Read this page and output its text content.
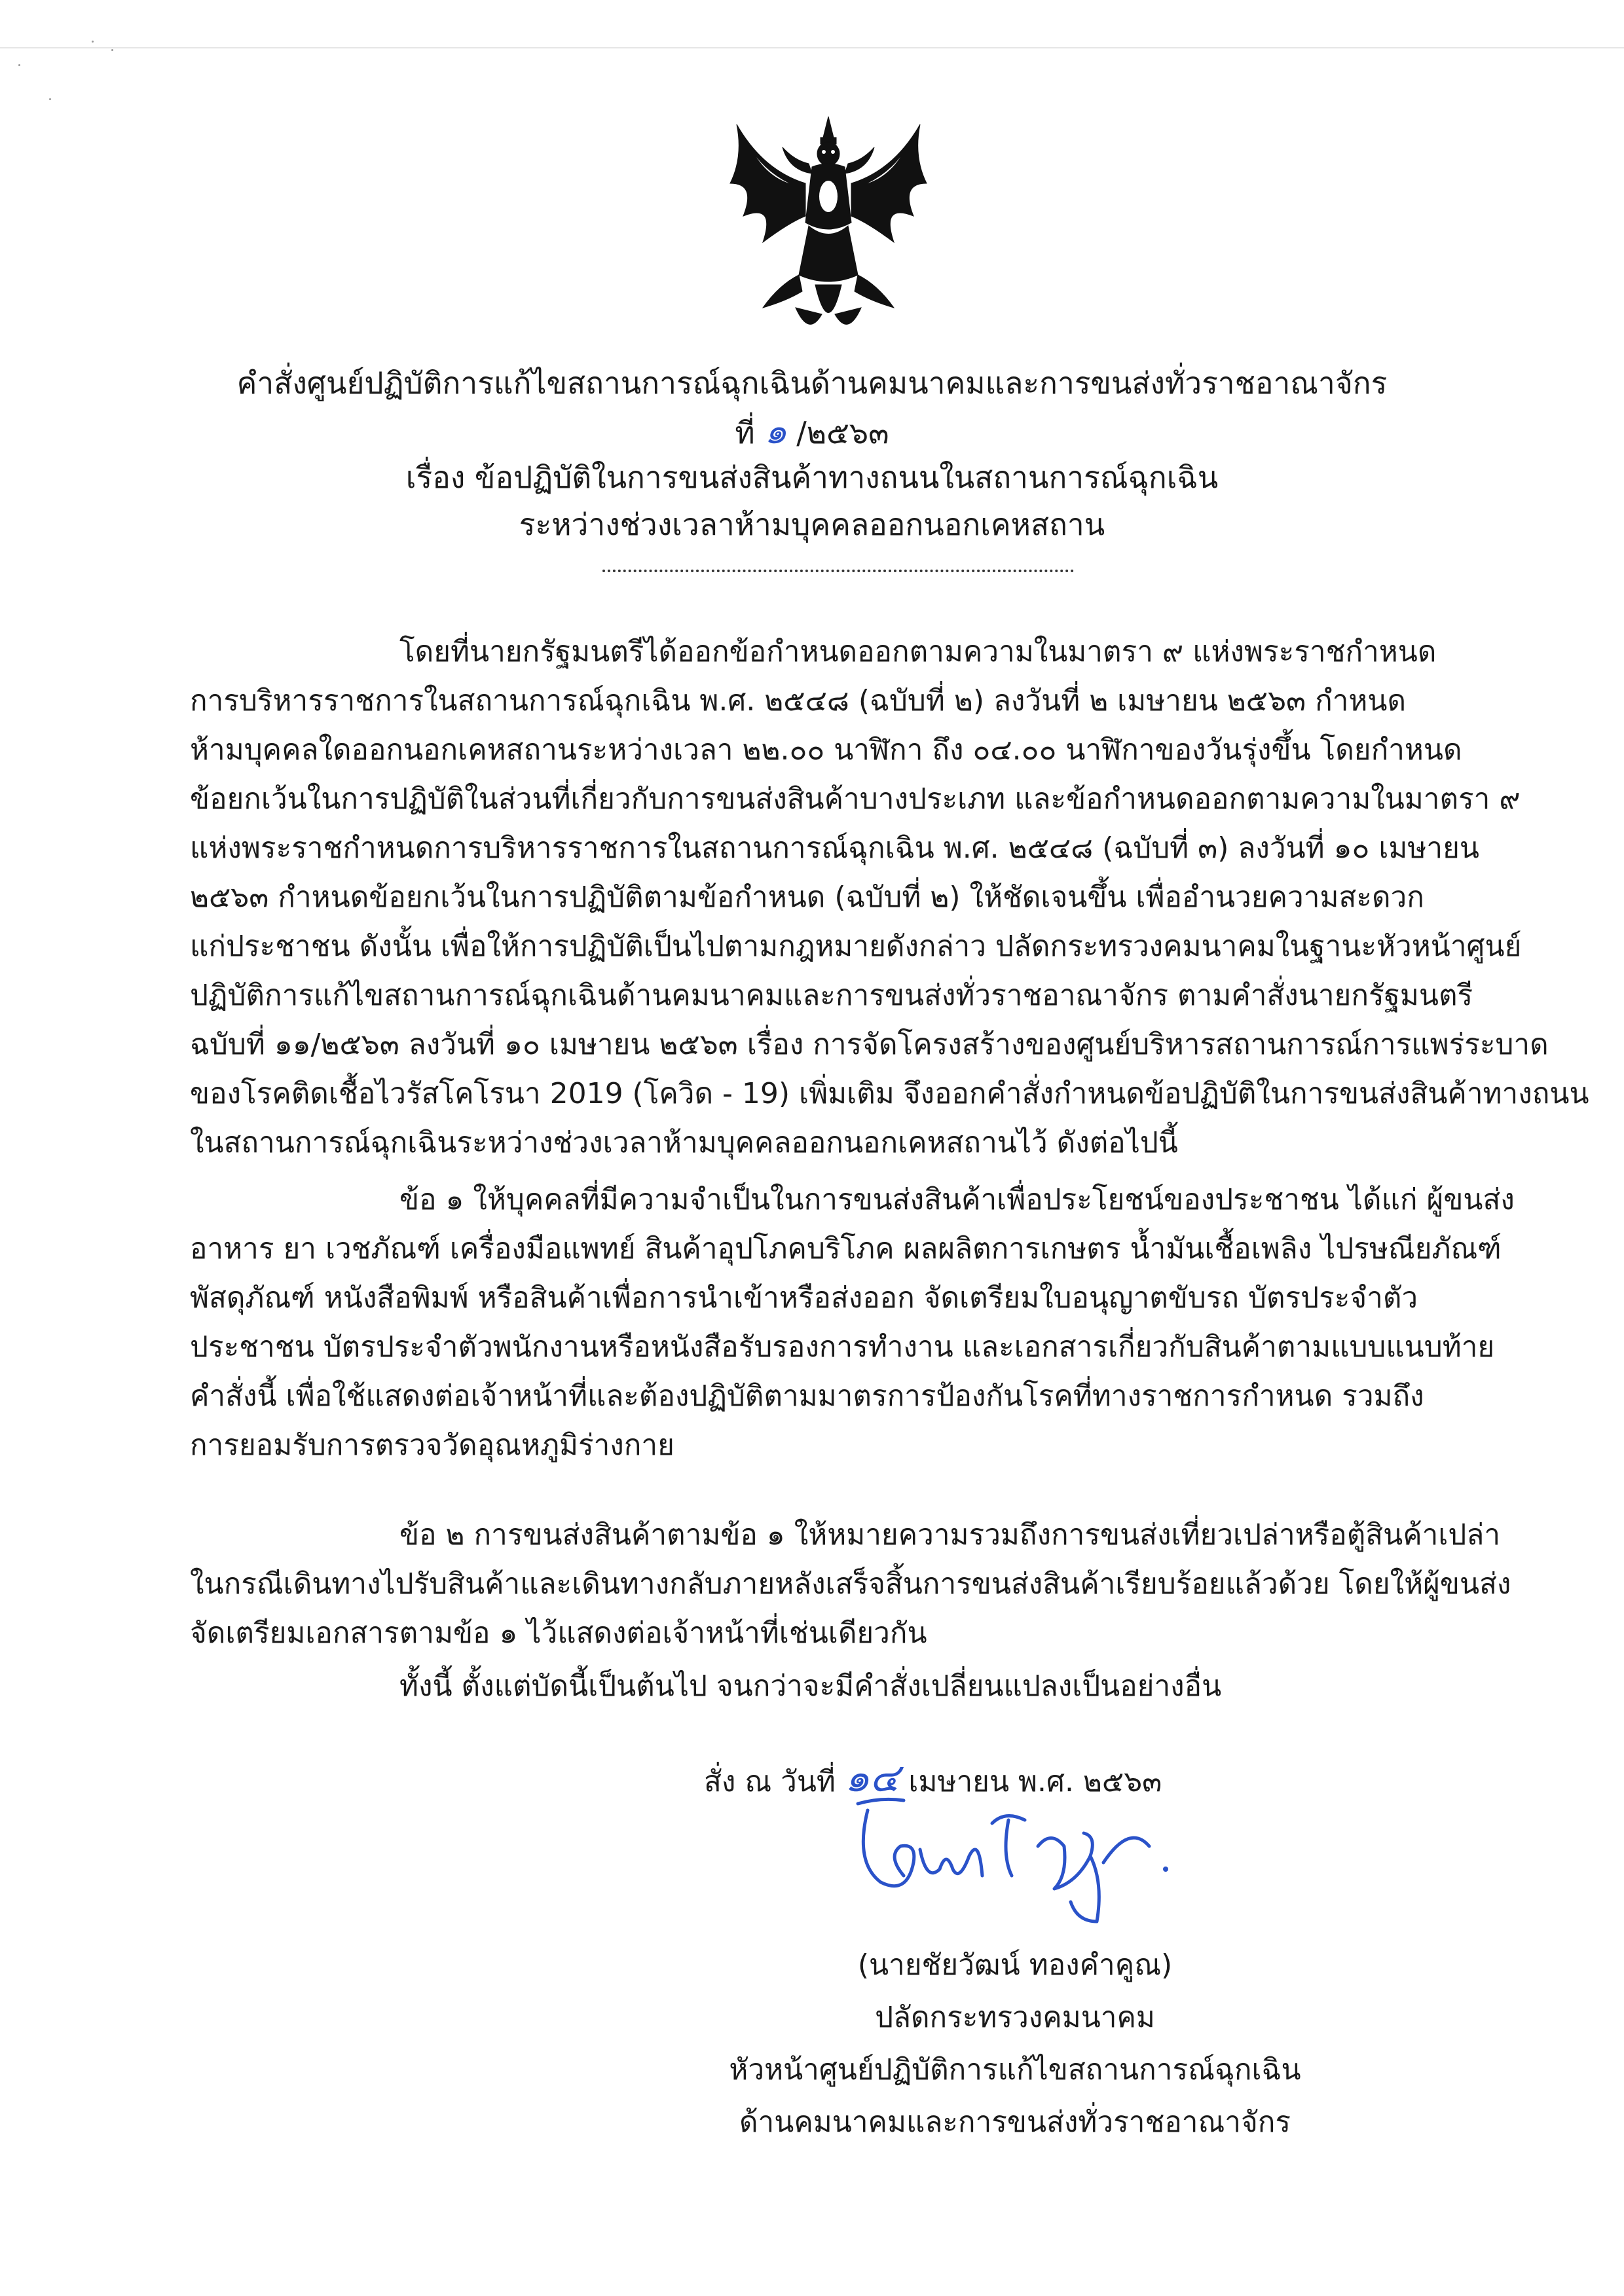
คำสั่งศูนย์ปฏิบัติการแก้ไขสถานการณ์ฉุกเฉินด้านคมนาคมและการขนส่งทั่วราชอาณาจักร
ที่ ๑ /๒๕๖๓
เรื่อง ข้อปฏิบัติในการขนส่งสินค้าทางถนนในสถานการณ์ฉุกเฉิน
ระหว่างช่วงเวลาห้ามบุคคลออกนอกเคหสถาน
โดยที่นายกรัฐมนตรีได้ออกข้อกำหนดออกตามความในมาตรา ๙ แห่งพระราชกำหนด
การบริหารราชการในสถานการณ์ฉุกเฉิน พ.ศ. ๒๕๔๘ (ฉบับที่ ๒) ลงวันที่ ๒ เมษายน ๒๕๖๓ กำหนด
ห้ามบุคคลใดออกนอกเคหสถานระหว่างเวลา ๒๒.๐๐ นาฬิกา ถึง ๐๔.๐๐ นาฬิกาของวันรุ่งขึ้น โดยกำหนด
ข้อยกเว้นในการปฏิบัติในส่วนที่เกี่ยวกับการขนส่งสินค้าบางประเภท และข้อกำหนดออกตามความในมาตรา ๙
แห่งพระราชกำหนดการบริหารราชการในสถานการณ์ฉุกเฉิน พ.ศ. ๒๕๔๘ (ฉบับที่ ๓) ลงวันที่ ๑๐ เมษายน
๒๕๖๓ กำหนดข้อยกเว้นในการปฏิบัติตามข้อกำหนด (ฉบับที่ ๒) ให้ชัดเจนขึ้น เพื่ออำนวยความสะดวก
แก่ประชาชน ดังนั้น เพื่อให้การปฏิบัติเป็นไปตามกฎหมายดังกล่าว ปลัดกระทรวงคมนาคมในฐานะหัวหน้าศูนย์
ปฏิบัติการแก้ไขสถานการณ์ฉุกเฉินด้านคมนาคมและการขนส่งทั่วราชอาณาจักร ตามคำสั่งนายกรัฐมนตรี
ฉบับที่ ๑๑/๒๕๖๓ ลงวันที่ ๑๐ เมษายน ๒๕๖๓ เรื่อง การจัดโครงสร้างของศูนย์บริหารสถานการณ์การแพร่ระบาด
ของโรคติดเชื้อไวรัสโคโรนา 2019 (โควิด - 19) เพิ่มเติม จึงออกคำสั่งกำหนดข้อปฏิบัติในการขนส่งสินค้าทางถนน
ในสถานการณ์ฉุกเฉินระหว่างช่วงเวลาห้ามบุคคลออกนอกเคหสถานไว้ ดังต่อไปนี้
ข้อ ๑ ให้บุคคลที่มีความจำเป็นในการขนส่งสินค้าเพื่อประโยชน์ของประชาชน ได้แก่ ผู้ขนส่ง
อาหาร ยา เวชภัณฑ์ เครื่องมือแพทย์ สินค้าอุปโภคบริโภค ผลผลิตการเกษตร น้ำมันเชื้อเพลิง ไปรษณียภัณฑ์
พัสดุภัณฑ์ หนังสือพิมพ์ หรือสินค้าเพื่อการนำเข้าหรือส่งออก จัดเตรียมใบอนุญาตขับรถ บัตรประจำตัว
ประชาชน บัตรประจำตัวพนักงานหรือหนังสือรับรองการทำงาน และเอกสารเกี่ยวกับสินค้าตามแบบแนบท้าย
คำสั่งนี้ เพื่อใช้แสดงต่อเจ้าหน้าที่และต้องปฏิบัติตามมาตรการป้องกันโรคที่ทางราชการกำหนด รวมถึง
การยอมรับการตรวจวัดอุณหภูมิร่างกาย
ข้อ ๒ การขนส่งสินค้าตามข้อ ๑ ให้หมายความรวมถึงการขนส่งเที่ยวเปล่าหรือตู้สินค้าเปล่า
ในกรณีเดินทางไปรับสินค้าและเดินทางกลับภายหลังเสร็จสิ้นการขนส่งสินค้าเรียบร้อยแล้วด้วย โดยให้ผู้ขนส่ง
จัดเตรียมเอกสารตามข้อ ๑ ไว้แสดงต่อเจ้าหน้าที่เช่นเดียวกัน
ทั้งนี้ ตั้งแต่บัดนี้เป็นต้นไป จนกว่าจะมีคำสั่งเปลี่ยนแปลงเป็นอย่างอื่น
สั่ง ณ วันที่ ๑๔ เมษายน พ.ศ. ๒๕๖๓
(นายชัยวัฒน์ ทองคำคูณ)
ปลัดกระทรวงคมนาคม
หัวหน้าศูนย์ปฏิบัติการแก้ไขสถานการณ์ฉุกเฉิน
ด้านคมนาคมและการขนส่งทั่วราชอาณาจักร
